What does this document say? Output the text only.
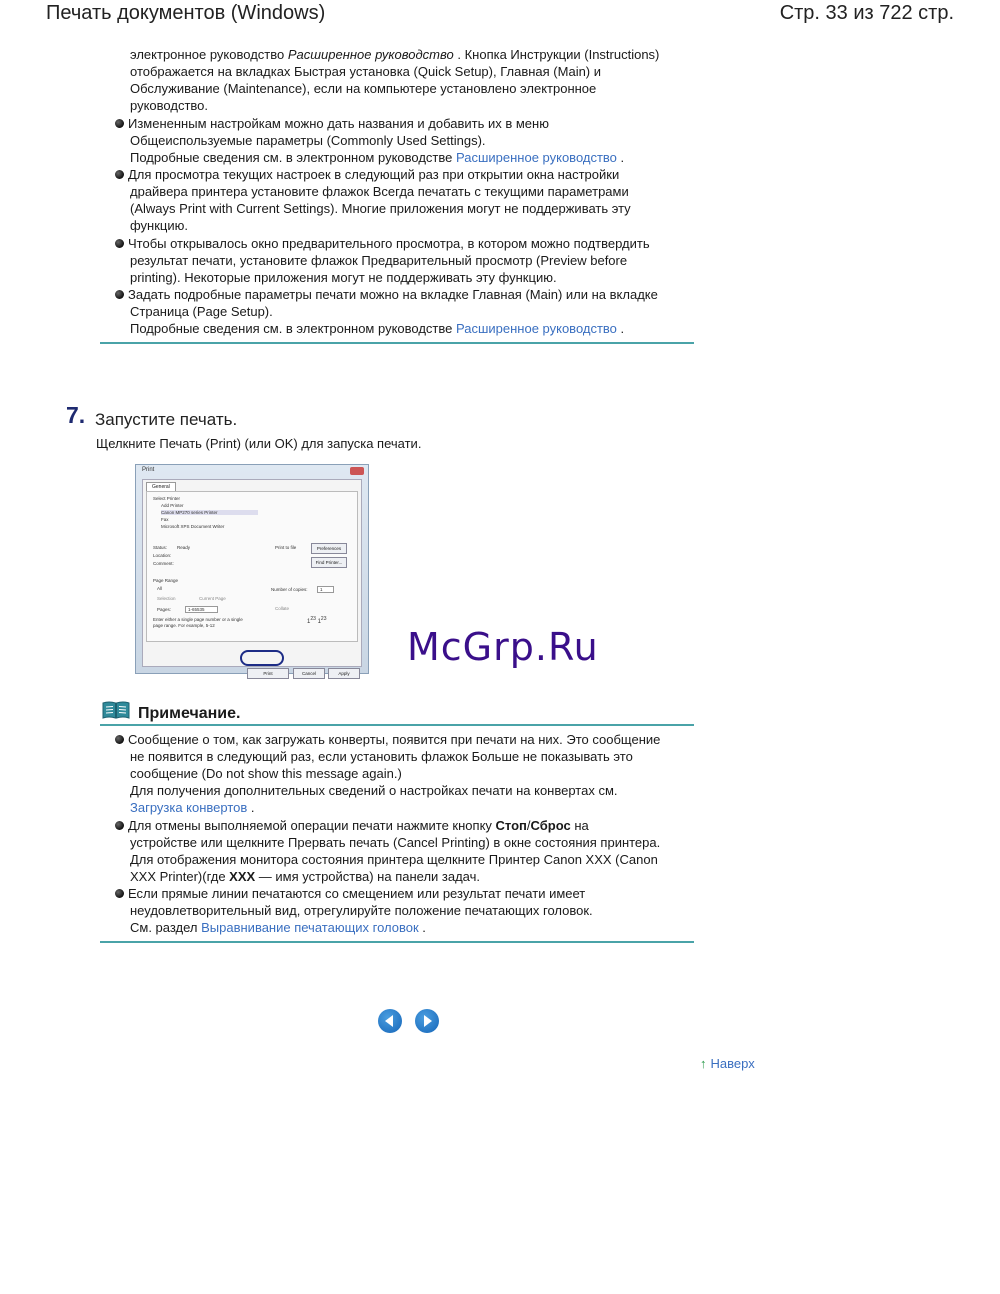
Печать документов (Windows)	Стр. 33 из 722 стр.
электронное руководство Расширенное руководство . Кнопка Инструкции (Instructions)
отображается на вкладках Быстрая установка (Quick Setup), Главная (Main) и
Обслуживание (Maintenance), если на компьютере установлено электронное
руководство.
Измененным настройкам можно дать названия и добавить их в меню
Общеиспользуемые параметры (Commonly Used Settings).
Подробные сведения см. в электронном руководстве Расширенное руководство .
Для просмотра текущих настроек в следующий раз при открытии окна настройки
драйвера принтера установите флажок Всегда печатать с текущими параметрами
(Always Print with Current Settings). Многие приложения могут не поддерживать эту
функцию.
Чтобы открывалось окно предварительного просмотра, в котором можно подтвердить
результат печати, установите флажок Предварительный просмотр (Preview before
printing). Некоторые приложения могут не поддерживать эту функцию.
Задать подробные параметры печати можно на вкладке Главная (Main) или на вкладке
Страница (Page Setup).
Подробные сведения см. в электронном руководстве Расширенное руководство .
7. Запустите печать.
Щелкните Печать (Print) (или OK) для запуска печати.
Print
General
Select Printer
Add Printer
Canon MP270 series Printer
Fax
Microsoft XPS Document Writer
Status: Ready
Location:
Comment:
Print to file	Preferences
Find Printer...
Page Range
All
Selection	Current Page
Pages:	1-65535
Enter either a single page number or a single
page range. For example, 5-12
Number of copies:	1
Collate
$1^{23}$ $1^{23}$
Print	Cancel	Apply
McGrp.Ru
Примечание.
Сообщение о том, как загружать конверты, появится при печати на них. Это сообщение
не появится в следующий раз, если установить флажок Больше не показывать это
сообщение (Do not show this message again.)
Для получения дополнительных сведений о настройках печати на конвертах см.
Загрузка конвертов .
Для отмены выполняемой операции печати нажмите кнопку Стоп/Сброс на
устройстве или щелкните Прервать печать (Cancel Printing) в окне состояния принтера.
Для отображения монитора состояния принтера щелкните Принтер Canon XXX (Canon
XXX Printer)(где XXX — имя устройства) на панели задач.
Если прямые линии печатаются со смещением или результат печати имеет
неудовлетворительный вид, отрегулируйте положение печатающих головок.
См. раздел Выравнивание печатающих головок .
↑ Наверх
